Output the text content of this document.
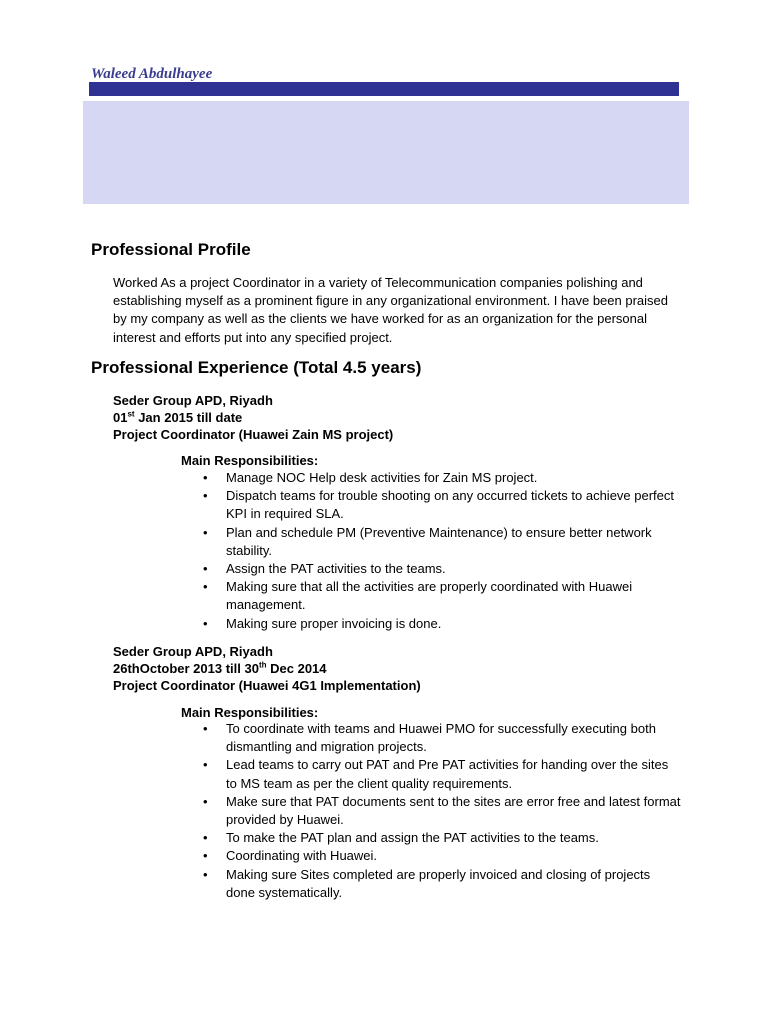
Waleed Abdulhayee
Professional Profile

Worked As a project Coordinator in a variety of Telecommunication companies polishing and establishing myself as a prominent figure in any organizational environment. I have been praised by my company as well as the clients we have worked for as an organization for the personal interest and efforts put into any specified project.

Professional Experience (Total 4.5 years)
Seder Group APD, Riyadh
01st Jan 2015 till date
Project Coordinator (Huawei Zain MS project)
Main Responsibilities:
• Manage NOC Help desk activities for Zain MS project.
• Dispatch teams for trouble shooting on any occurred tickets to achieve perfect KPI in required SLA.
• Plan and schedule PM (Preventive Maintenance) to ensure better network stability.
• Assign the PAT activities to the teams.
• Making sure that all the activities are properly coordinated with Huawei management.
• Making sure proper invoicing is done.
Seder Group APD, Riyadh
26thOctober 2013 till 30th Dec 2014
Project Coordinator (Huawei 4G1 Implementation)
Main Responsibilities:
• To coordinate with teams and Huawei PMO for successfully executing both dismantling and migration projects.
• Lead teams to carry out PAT and Pre PAT activities for handing over the sites to MS team as per the client quality requirements.
• Make sure that PAT documents sent to the sites are error free and latest format provided by Huawei.
• To make the PAT plan and assign the PAT activities to the teams.
• Coordinating with Huawei.
• Making sure Sites completed are properly invoiced and closing of projects done systematically.
